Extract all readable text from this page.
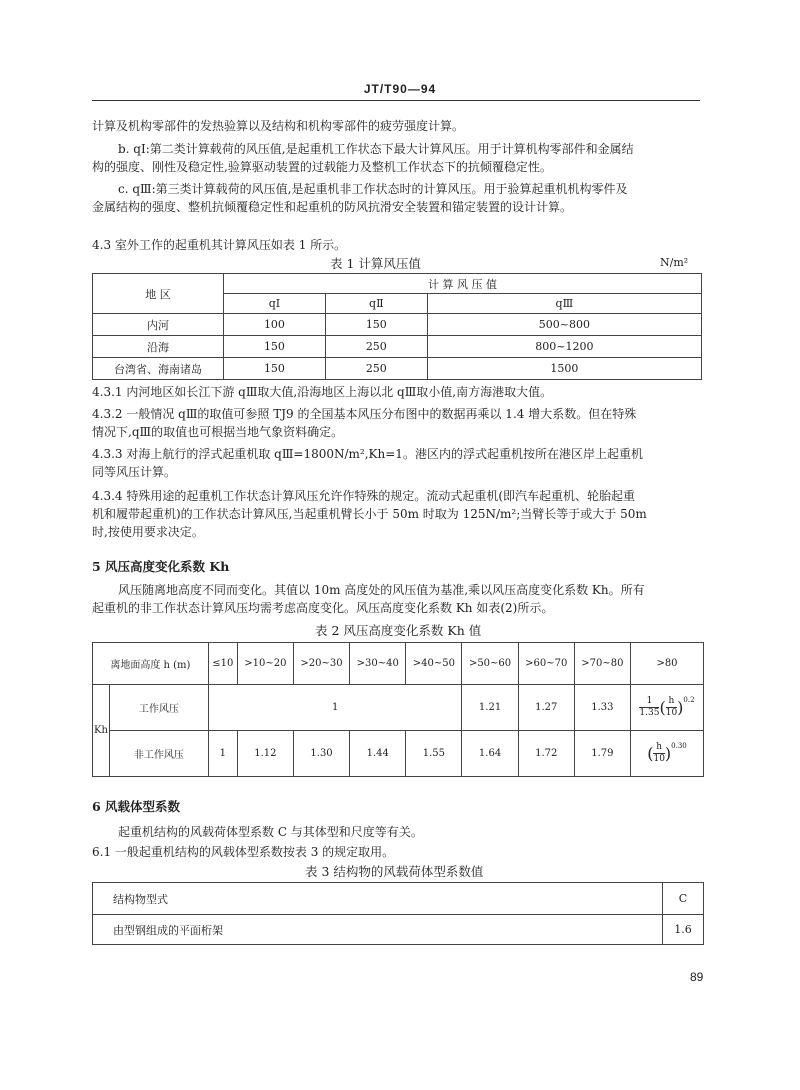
JT/T90—94
计算及机构零部件的发热验算以及结构和机构零部件的疲劳强度计算。
b. qⅠ:第二类计算载荷的风压值,是起重机工作状态下最大计算风压。用于计算机构零部件和金属结
构的强度、刚性及稳定性,验算驱动装置的过载能力及整机工作状态下的抗倾覆稳定性。
c. qⅢ:第三类计算载荷的风压值,是起重机非工作状态时的计算风压。用于验算起重机机构零件及
金属结构的强度、整机抗倾覆稳定性和起重机的防风抗滑安全装置和锚定装置的设计计算。
4.3 室外工作的起重机其计算风压如表 1 所示。
表 1 计算风压值	N/m²
地 区	计 算 风 压 值		
	qⅠ	qⅡ	qⅢ
内河	100	150	500~800
沿海	150	250	800~1200
台湾省、海南诸岛	150	250	1500
4.3.1 内河地区如长江下游 qⅢ取大值,沿海地区上海以北 qⅢ取小值,南方海港取大值。
4.3.2 一般情况 qⅢ的取值可参照 TJ9 的全国基本风压分布图中的数据再乘以 1.4 增大系数。但在特殊
情况下,qⅢ的取值也可根据当地气象资料确定。
4.3.3 对海上航行的浮式起重机取 qⅢ=1800N/m²,Kh=1。港区内的浮式起重机按所在港区岸上起重机
同等风压计算。
4.3.4 特殊用途的起重机工作状态计算风压允许作特殊的规定。流动式起重机(即汽车起重机、轮胎起重
机和履带起重机)的工作状态计算风压,当起重机臂长小于 50m 时取为 125N/m²;当臂长等于或大于 50m
时,按使用要求决定。
5 风压高度变化系数 Kh
风压随离地高度不同而变化。其值以 10m 高度处的风压值为基准,乘以风压高度变化系数 Kh。所有
起重机的非工作状态计算风压均需考虑高度变化。风压高度变化系数 Kh 如表(2)所示。
表 2 风压高度变化系数 Kh 值
离地面高度 h (m)		≤10	>10~20	>20~30	>30~40	>40~50	>50~60	>60~70	>70~80	>80
Kh	工作风压	1					1.21	1.27	1.33	$\frac{1}{1.35}( \frac{h}{10})^{0.2}$
	非工作风压	1	1.12	1.30	1.44	1.55	1.64	1.72	1.79	( $\frac{h}{10})^{0.30}$
6 风载体型系数
起重机结构的风载荷体型系数 C 与其体型和尺度等有关。
6.1 一般起重机结构的风载体型系数按表 3 的规定取用。
表 3 结构物的风载荷体型系数值
结构物型式	C
由型钢组成的平面桁架	1.6
89
